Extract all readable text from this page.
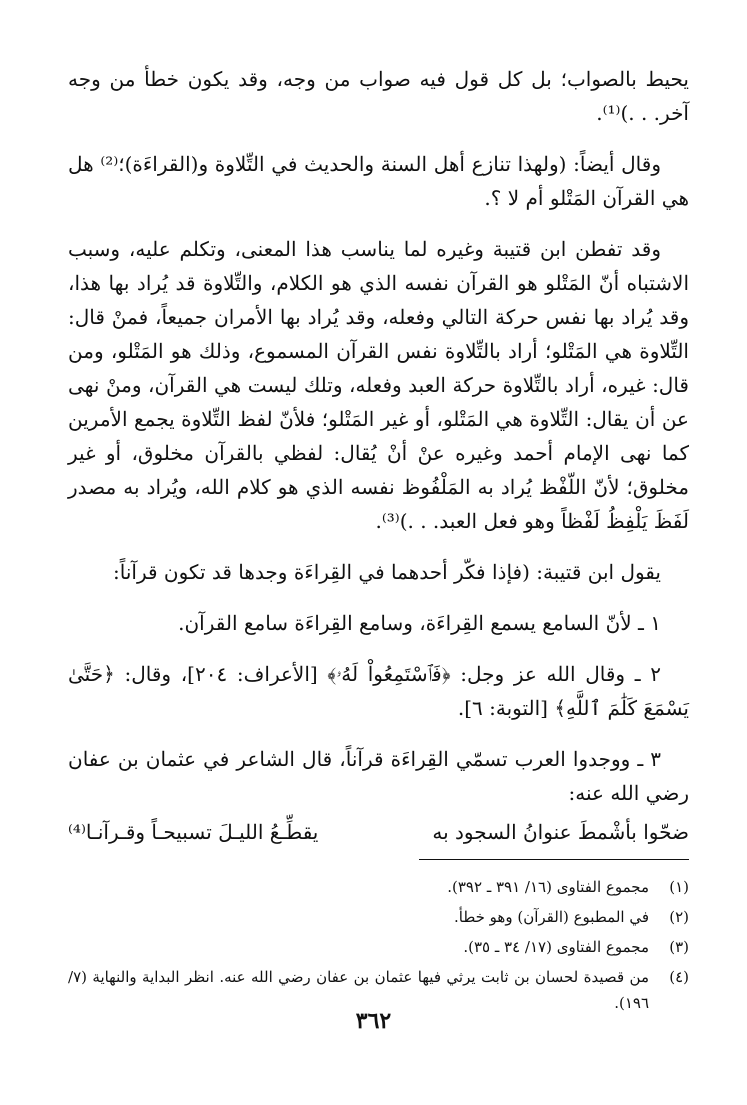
يحيط بالصواب؛ بل كل قول فيه صواب من وجه، وقد يكون خطأ من وجه آخر. . .)⁽¹⁾.

وقال أيضاً: (ولهذا تنازع أهل السنة والحديث في التِّلاوة و(القراءَة)؛⁽²⁾ هل هي القرآن المَتْلو أم لا ؟.

وقد تفطن ابن قتيبة وغيره لما يناسب هذا المعنى، وتكلم عليه، وسبب الاشتباه أنّ المَتْلو هو القرآن نفسه الذي هو الكلام، والتِّلاوة قد يُراد بها هذا، وقد يُراد بها نفس حركة التالي وفعله، وقد يُراد بها الأمران جميعاً، فمنْ قال: التِّلاوة هي المَتْلو؛ أراد بالتِّلاوة نفس القرآن المسموع، وذلك هو المَتْلو، ومن قال: غيره، أراد بالتِّلاوة حركة العبد وفعله، وتلك ليست هي القرآن، ومنْ نهى عن أن يقال: التِّلاوة هي المَتْلو، أو غير المَتْلو؛ فلأنّ لفظ التِّلاوة يجمع الأمرين كما نهى الإمام أحمد وغيره عنْ أنْ يُقال: لفظي بالقرآن مخلوق، أو غير مخلوق؛ لأنّ اللّفْظ يُراد به المَلْفُوظ نفسه الذي هو كلام الله، ويُراد به مصدر لَفَظَ يَلْفِظُ لَفْظاً وهو فعل العبد. . .)⁽³⁾.

يقول ابن قتيبة: (فإذا فكّر أحدهما في القِراءَة وجدها قد تكون قرآناً:

١ ـ لأنّ السامع يسمع القِراءَة، وسامع القِراءَة سامع القرآن.

٢ ـ وقال الله عز وجل: ﴿فَٱسْتَمِعُواْ لَهُۥ﴾ [الأعراف: ٢٠٤]، وقال: ﴿حَتَّىٰ يَسْمَعَ كَلَٰمَ ٱللَّهِ﴾ [التوبة: ٦].

٣ ـ ووجدوا العرب تسمّي القِراءَة قرآناً، قال الشاعر في عثمان بن عفان رضي الله عنه:

ضحّوا بأشْمطَ عنوانُ السجود به
يقطِّـعُ الليـلَ تسبيحـاً وقـرآنـا⁽⁴⁾
(١)
مجموع الفتاوى (١٦/ ٣٩١ ـ ٣٩٢).
(٢)
في المطبوع (القرآن) وهو خطأ.
(٣)
مجموع الفتاوى (١٧/ ٣٤ ـ ٣٥).
(٤)
من قصيدة لحسان بن ثابت يرثي فيها عثمان بن عفان رضي الله عنه. انظر البداية والنهاية (٧/ ١٩٦).
٣٦٢
